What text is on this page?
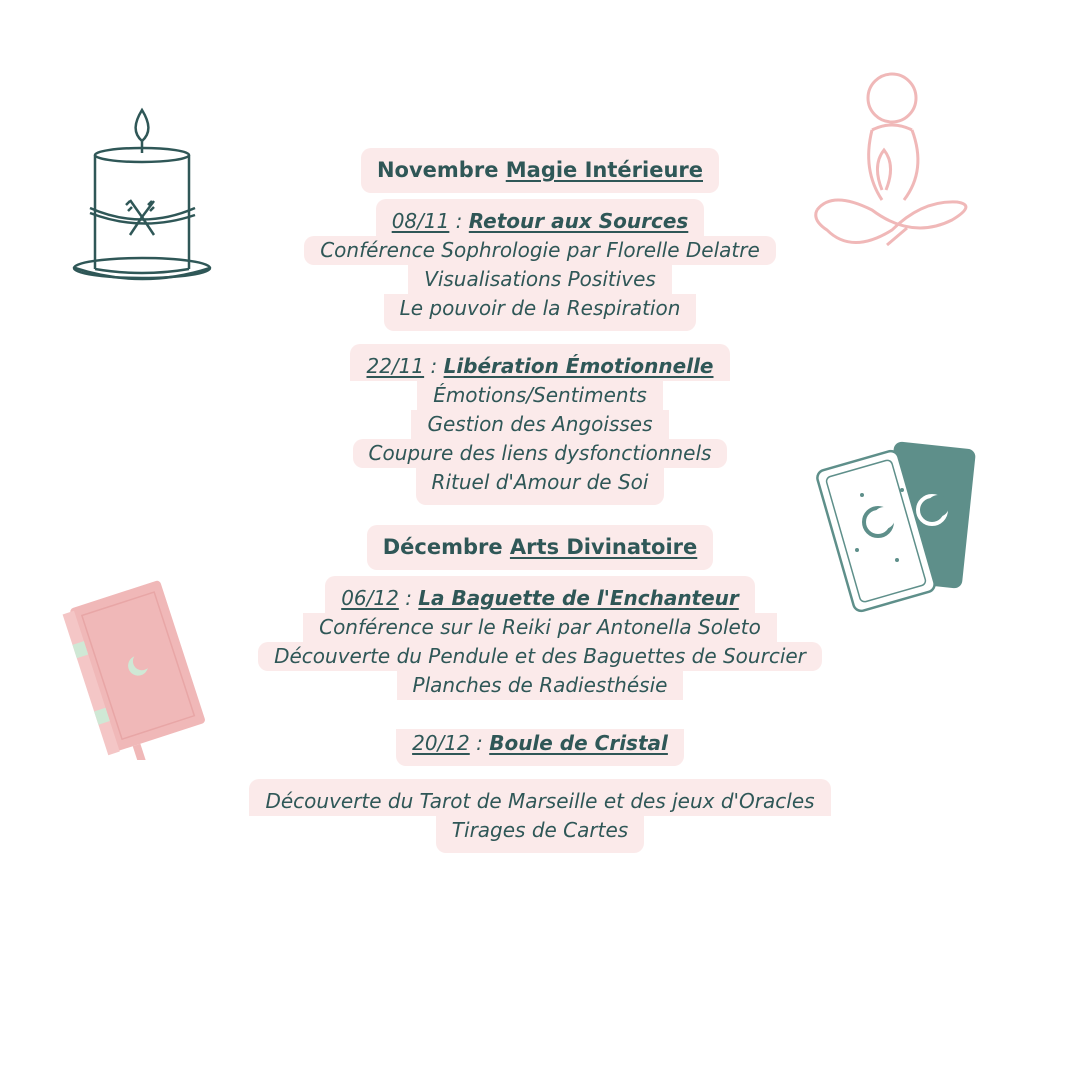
Novembre Magie Intérieure
08/11 : Retour aux Sources
Conférence Sophrologie par Florelle Delatre
Visualisations Positives
Le pouvoir de la Respiration
22/11 : Libération Émotionnelle
Émotions/Sentiments
Gestion des Angoisses
Coupure des liens dysfonctionnels
Rituel d'Amour de Soi
Décembre Arts Divinatoire
06/12 : La Baguette de l'Enchanteur
Conférence sur le Reiki par Antonella Soleto
Découverte du Pendule et des Baguettes de Sourcier
Planches de Radiesthésie
20/12 : Boule de Cristal
Découverte du Tarot de Marseille et des jeux d'Oracles
Tirages de Cartes
